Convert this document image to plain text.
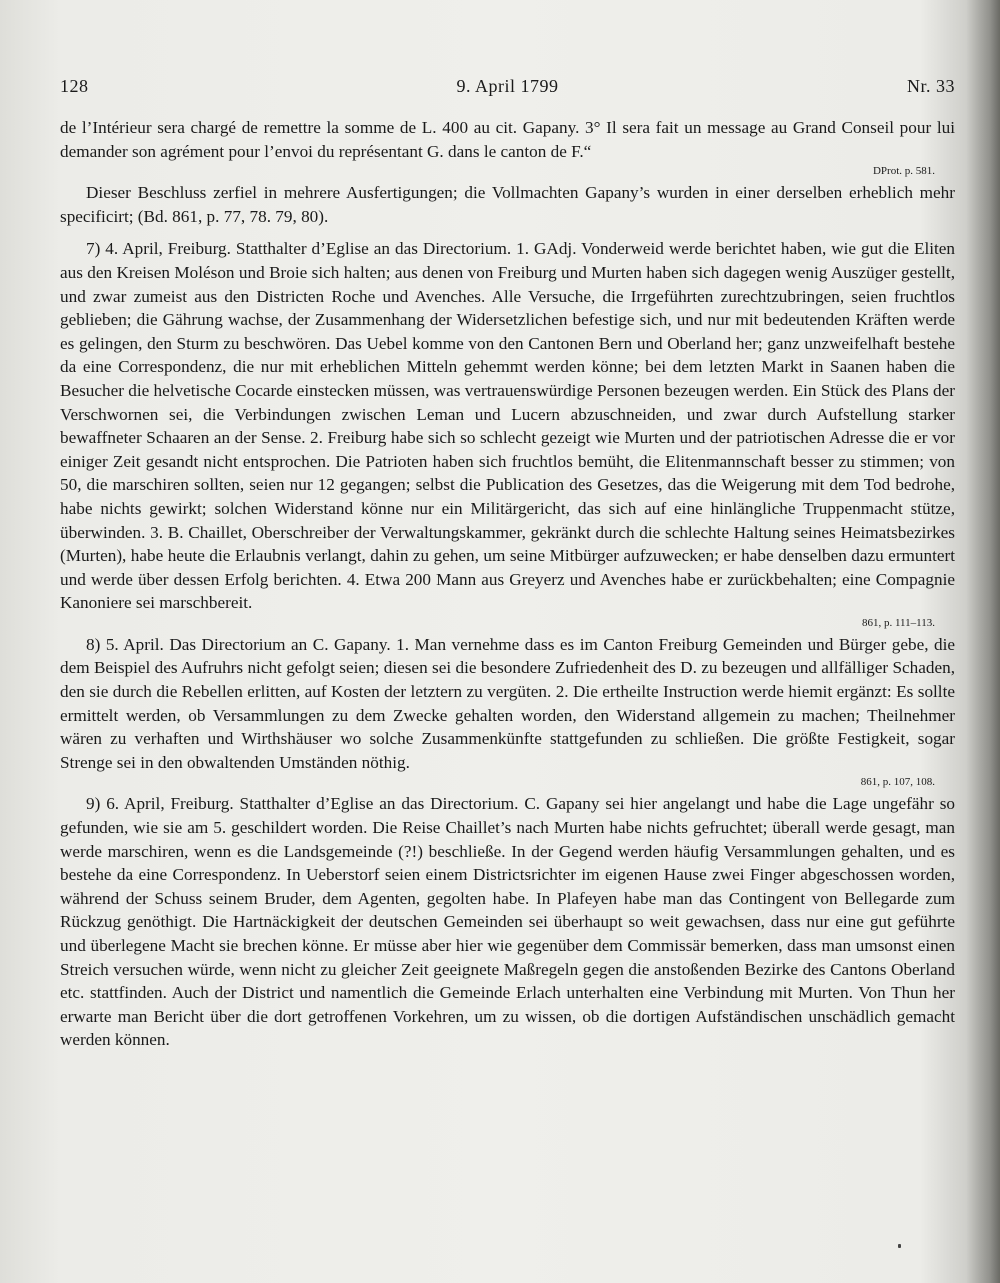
128	9. April 1799	Nr. 33

de l’Intérieur sera chargé de remettre la somme de L. 400 au cit. Gapany. 3° Il sera fait un message au Grand Conseil pour lui demander son agrément pour l’envoi du représentant G. dans le canton de F.“

DProt. p. 581.

Dieser Beschluss zerfiel in mehrere Ausfertigungen; die Vollmachten Gapany’s wurden in einer derselben erheblich mehr specificirt; (Bd. 861, p. 77, 78. 79, 80).

7) 4. April, Freiburg. Statthalter d’Eglise an das Directorium. 1. GAdj. Vonderweid werde berichtet haben, wie gut die Eliten aus den Kreisen Moléson und Broie sich halten; aus denen von Freiburg und Murten haben sich dagegen wenig Auszüger gestellt, und zwar zumeist aus den Districten Roche und Avenches. Alle Versuche, die Irrgeführten zurechtzubringen, seien fruchtlos geblieben; die Gährung wachse, der Zusammenhang der Widersetzlichen befestige sich, und nur mit bedeutenden Kräften werde es gelingen, den Sturm zu beschwören. Das Uebel komme von den Cantonen Bern und Oberland her; ganz unzweifelhaft bestehe da eine Correspondenz, die nur mit erheblichen Mitteln gehemmt werden könne; bei dem letzten Markt in Saanen haben die Besucher die helvetische Cocarde einstecken müssen, was vertrauenswürdige Personen bezeugen werden. Ein Stück des Plans der Verschwornen sei, die Verbindungen zwischen Leman und Lucern abzuschneiden, und zwar durch Aufstellung starker bewaffneter Schaaren an der Sense. 2. Freiburg habe sich so schlecht gezeigt wie Murten und der patriotischen Adresse die er vor einiger Zeit gesandt nicht entsprochen. Die Patrioten haben sich fruchtlos bemüht, die Elitenmannschaft besser zu stimmen; von 50, die marschiren sollten, seien nur 12 gegangen; selbst die Publication des Gesetzes, das die Weigerung mit dem Tod bedrohe, habe nichts gewirkt; solchen Widerstand könne nur ein Militärgericht, das sich auf eine hinlängliche Truppenmacht stütze, überwinden. 3. B. Chaillet, Oberschreiber der Verwaltungskammer, gekränkt durch die schlechte Haltung seines Heimatsbezirkes (Murten), habe heute die Erlaubnis verlangt, dahin zu gehen, um seine Mitbürger aufzuwecken; er habe denselben dazu ermuntert und werde über dessen Erfolg berichten. 4. Etwa 200 Mann aus Greyerz und Avenches habe er zurückbehalten; eine Compagnie Kanoniere sei marschbereit.

861, p. 111–113.

8) 5. April. Das Directorium an C. Gapany. 1. Man vernehme dass es im Canton Freiburg Gemeinden und Bürger gebe, die dem Beispiel des Aufruhrs nicht gefolgt seien; diesen sei die besondere Zufriedenheit des D. zu bezeugen und allfälliger Schaden, den sie durch die Rebellen erlitten, auf Kosten der letztern zu vergüten. 2. Die ertheilte Instruction werde hiemit ergänzt: Es sollte ermittelt werden, ob Versammlungen zu dem Zwecke gehalten worden, den Widerstand allgemein zu machen; Theilnehmer wären zu verhaften und Wirthshäuser wo solche Zusammenkünfte stattgefunden zu schließen. Die größte Festigkeit, sogar Strenge sei in den obwaltenden Umständen nöthig.

861, p. 107, 108.

9) 6. April, Freiburg. Statthalter d’Eglise an das Directorium. C. Gapany sei hier angelangt und habe die Lage ungefähr so gefunden, wie sie am 5. geschildert worden. Die Reise Chaillet’s nach Murten habe nichts gefruchtet; überall werde gesagt, man werde marschiren, wenn es die Landsgemeinde (?!) beschließe. In der Gegend werden häufig Versammlungen gehalten, und es bestehe da eine Correspondenz. In Ueberstorf seien einem Districtsrichter im eigenen Hause zwei Finger abgeschossen worden, während der Schuss seinem Bruder, dem Agenten, gegolten habe. In Plafeyen habe man das Contingent von Bellegarde zum Rückzug genöthigt. Die Hartnäckigkeit der deutschen Gemeinden sei überhaupt so weit gewachsen, dass nur eine gut geführte und überlegene Macht sie brechen könne. Er müsse aber hier wie gegenüber dem Commissär bemerken, dass man umsonst einen Streich versuchen würde, wenn nicht zu gleicher Zeit geeignete Maßregeln gegen die anstoßenden Bezirke des Cantons Oberland etc. stattfinden. Auch der District und namentlich die Gemeinde Erlach unterhalten eine Verbindung mit Murten. Von Thun her erwarte man Bericht über die dort getroffenen Vorkehren, um zu wissen, ob die dortigen Aufständischen unschädlich gemacht werden können.
